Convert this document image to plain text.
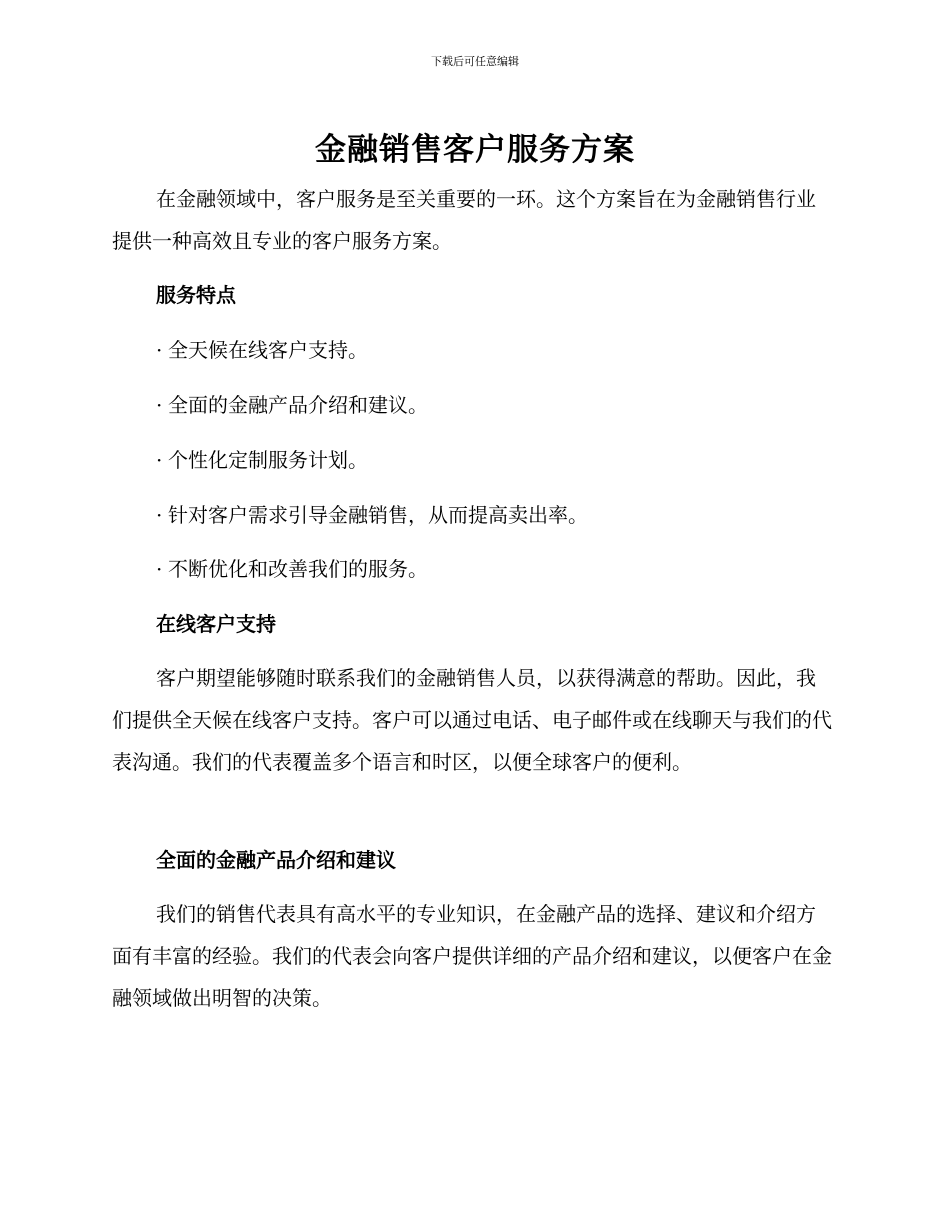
下载后可任意编辑
金融销售客户服务方案

在金融领域中，客户服务是至关重要的一环。这个方案旨在为金融销售行业提供一种高效且专业的客户服务方案。

服务特点

· 全天候在线客户支持。

· 全面的金融产品介绍和建议。

· 个性化定制服务计划。

· 针对客户需求引导金融销售，从而提高卖出率。

· 不断优化和改善我们的服务。

在线客户支持

客户期望能够随时联系我们的金融销售人员，以获得满意的帮助。因此，我们提供全天候在线客户支持。客户可以通过电话、电子邮件或在线聊天与我们的代表沟通。我们的代表覆盖多个语言和时区，以便全球客户的便利。

全面的金融产品介绍和建议

我们的销售代表具有高水平的专业知识，在金融产品的选择、建议和介绍方面有丰富的经验。我们的代表会向客户提供详细的产品介绍和建议，以便客户在金融领域做出明智的决策。
